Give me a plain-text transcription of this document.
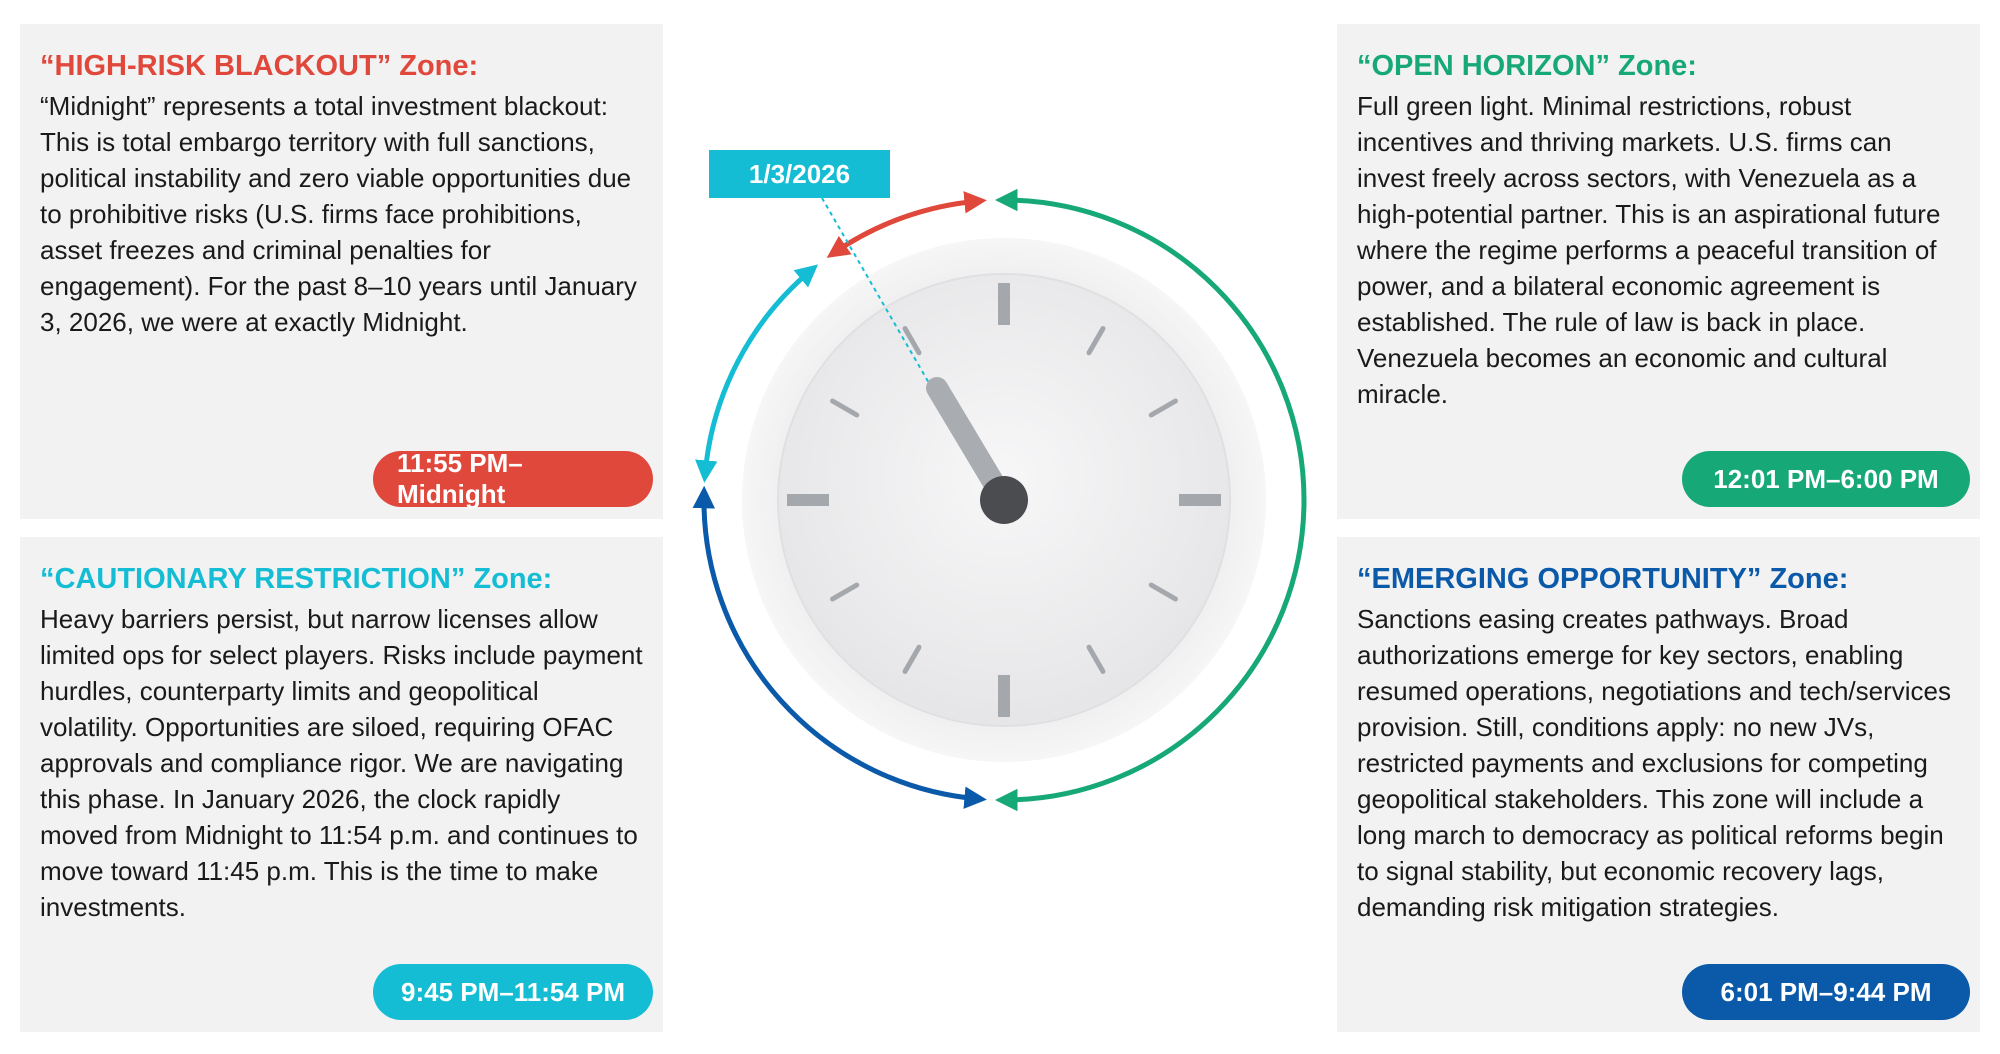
“HIGH-RISK BLACKOUT” Zone:

“Midnight” represents a total investment blackout: This is total embargo territory with full sanctions, political instability and zero viable opportunities due to prohibitive risks (U.S. firms face prohibitions, asset freezes and criminal penalties for engagement). For the past 8–10 years until January 3, 2026, we were at exactly Midnight.

11:55 PM–Midnight
“CAUTIONARY RESTRICTION” Zone:

Heavy barriers persist, but narrow licenses allow limited ops for select players. Risks include payment hurdles, counterparty limits and geopolitical volatility. Opportunities are siloed, requiring OFAC approvals and compliance rigor. We are navigating this phase. In January 2026, the clock rapidly moved from Midnight to 11:54 p.m. and continues to move toward 11:45 p.m. This is the time to make investments.

9:45 PM–11:54 PM
“OPEN HORIZON” Zone:

Full green light. Minimal restrictions, robust incentives and thriving markets. U.S. firms can invest freely across sectors, with Venezuela as a high-potential partner. This is an aspirational future where the regime performs a peaceful transition of power, and a bilateral economic agreement is established. The rule of law is back in place. Venezuela becomes an economic and cultural miracle.

12:01 PM–6:00 PM
“EMERGING OPPORTUNITY” Zone:

Sanctions easing creates pathways. Broad authorizations emerge for key sectors, enabling resumed operations, negotiations and tech/services provision. Still, conditions apply: no new JVs, restricted payments and exclusions for competing geopolitical stakeholders. This zone will include a long march to democracy as political reforms begin to signal stability, but economic recovery lags, demanding risk mitigation strategies.

6:01 PM–9:44 PM
1/3/2026
